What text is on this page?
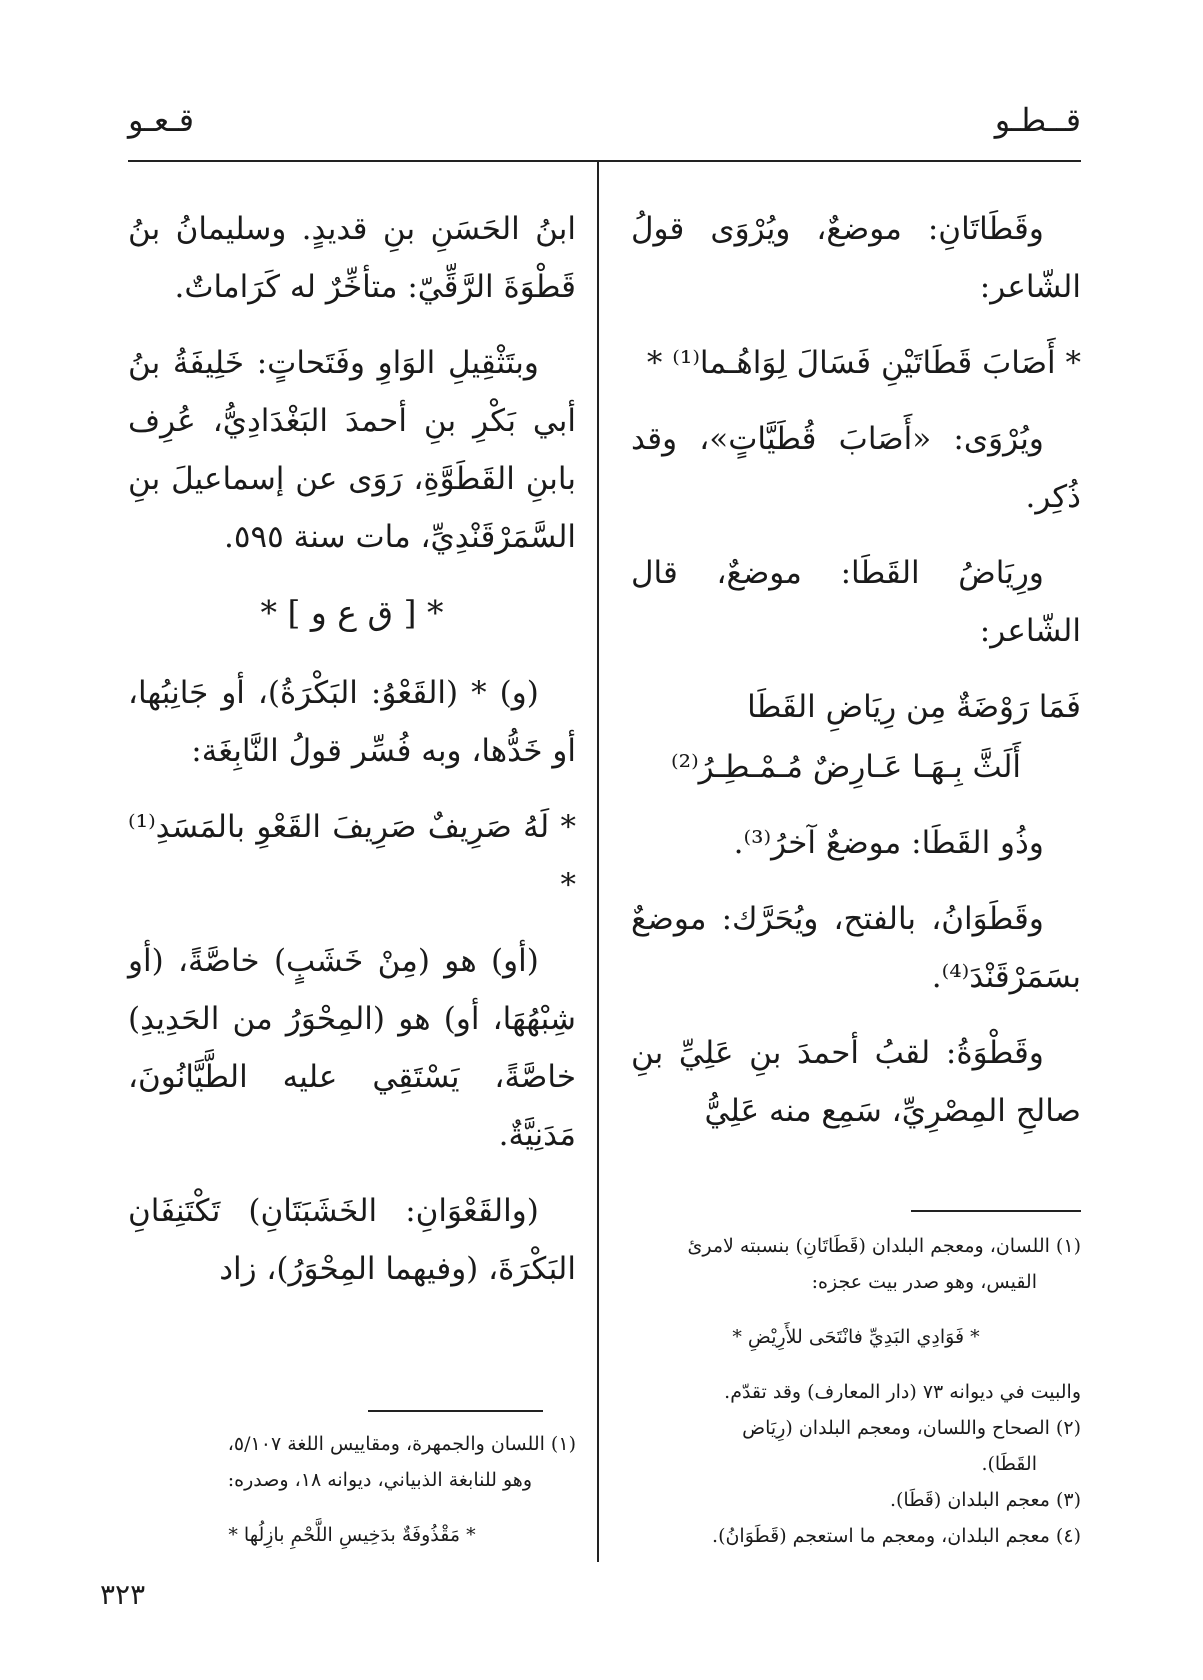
قــطـو
قـعـو

وقَطَاتَانِ: موضعٌ، ويُرْوَى قولُ الشّاعر:

* أَصَابَ قَطَاتَيْنِ فَسَالَ لِوَاهُـما⁽¹⁾ *

ويُرْوَى: «أَصَابَ قُطَيَّاتٍ»، وقد ذُكِر.

ورِيَاضُ القَطَا: موضعٌ، قال الشّاعر:

فَمَا رَوْضَةٌ مِن رِيَاضِ القَطَا

أَلَثَّ بِـهَـا عَـارِضٌ مُـمْـطِـرُ⁽²⁾

وذُو القَطَا: موضعٌ آخرُ⁽³⁾.

وقَطَوَانُ، بالفتح، ويُحَرَّك: موضعٌ بسَمَرْقَنْدَ⁽⁴⁾.

وقَطْوَةُ: لقبُ أحمدَ بنِ عَلِيِّ بنِ صالحِ المِصْرِيِّ، سَمِع منه عَلِيُّ

ابنُ الحَسَنِ بنِ قديدٍ. وسليمانُ بنُ قَطْوَةَ الرَّقِّيّ: متأخِّرٌ له كَرَاماتٌ.

وبتَثْقِيلِ الوَاوِ وفَتَحاتٍ: خَلِيفَةُ بنُ أبي بَكْرِ بنِ أحمدَ البَغْدَادِيُّ، عُرِف بابنِ القَطَوَّةِ، رَوَى عن إسماعيلَ بنِ السَّمَرْقَنْدِيِّ، مات سنة ٥٩٥.

* [ ق ع و ] *

(و) * (القَعْوُ: البَكْرَةُ)، أو جَانِبُها، أو خَدُّها، وبه فُسِّر قولُ النَّابِغَة:

* لَهُ صَرِيفٌ صَرِيفَ القَعْوِ بالمَسَدِ⁽¹⁾ *

(أو) هو (مِنْ خَشَبٍ) خاصَّةً، (أو شِبْهُهَا، أو) هو (المِحْوَرُ من الحَدِيدِ) خاصَّةً، يَسْتَقِي عليه الطَّيَّانُونَ، مَدَنِيَّةٌ.

(والقَعْوَانِ: الخَشَبَتَانِ) تَكْتَنِفَانِ البَكْرَةَ، (وفيهما المِحْوَرُ)، زاد

(١) اللسان، ومعجم البلدان (قَطَاتَانِ) بنسبته لامرئ

القيس، وهو صدر بيت عجزه:

* فَوَادِي البَدِيِّ فانْتَحَى للأَرِيْضِ *

والبيت في ديوانه ٧٣ (دار المعارف) وقد تقدّم.

(٢) الصحاح واللسان، ومعجم البلدان (رِيَاض

القَطَا).

(٣) معجم البلدان (قَطَا).

(٤) معجم البلدان، ومعجم ما استعجم (قَطَوَانُ).

(١) اللسان والجمهرة، ومقاييس اللغة ٥/١٠٧،

وهو للنابغة الذبياني، ديوانه ١٨، وصدره:

* مَقْذُوفَةٌ بدَخِيسِ اللَّحْمِ بازِلُها *

٣٢٣
